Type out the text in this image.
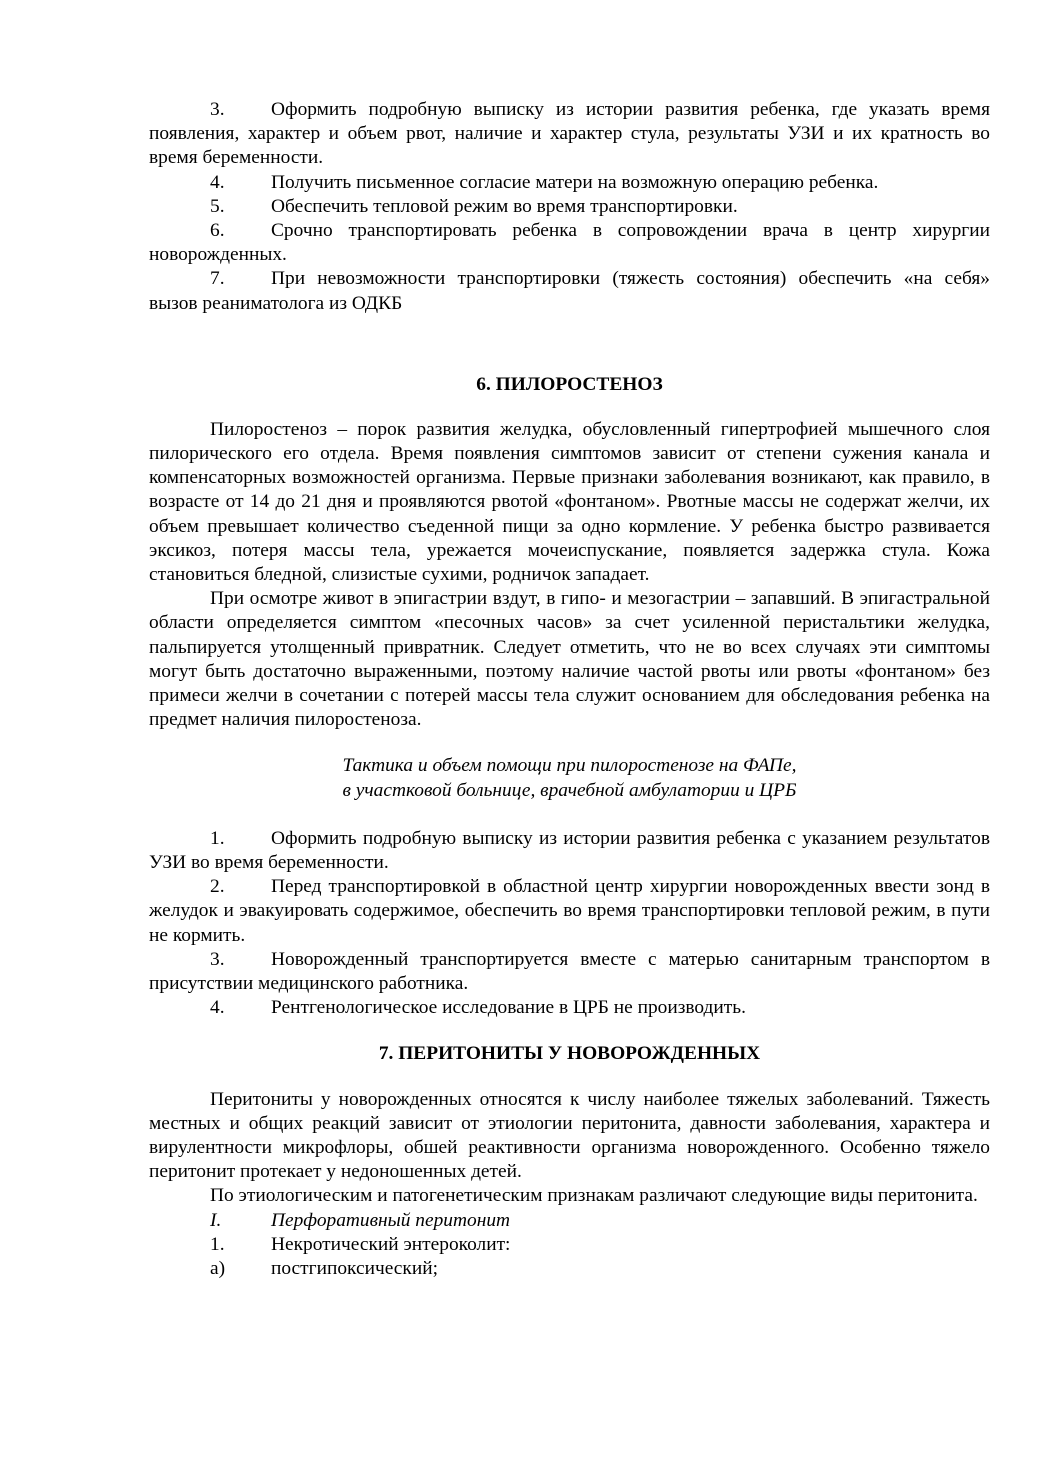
3. Оформить подробную выписку из истории развития ребенка, где указать время появления, характер и объем рвот, наличие и характер стула, результаты УЗИ и их кратность во время беременности.

4. Получить письменное согласие матери на возможную операцию ребенка.

5. Обеспечить тепловой режим во время транспортировки.

6. Срочно транспортировать ребенка в сопровождении врача в центр хирургии новорожденных.

7. При невозможности транспортировки (тяжесть состояния) обеспечить «на себя» вызов реаниматолога из ОДКБ

6. ПИЛОРОСТЕНОЗ

Пилоростеноз – порок развития желудка, обусловленный гипертрофией мышечного слоя пилорического его отдела. Время появления симптомов зависит от степени сужения канала и компенсаторных возможностей организма. Первые признаки заболевания возникают, как правило, в возрасте от 14 до 21 дня и проявляются рвотой «фонтаном». Рвотные массы не содержат желчи, их объем превышает количество съеденной пищи за одно кормление. У ребенка быстро развивается эксикоз, потеря массы тела, урежается мочеиспускание, появляется задержка стула. Кожа становиться бледной, слизистые сухими, родничок западает.

При осмотре живот в эпигастрии вздут, в гипо- и мезогастрии – запавший. В эпигастральной области определяется симптом «песочных часов» за счет усиленной перистальтики желудка, пальпируется утолщенный привратник. Следует отметить, что не во всех случаях эти симптомы могут быть достаточно выраженными, поэтому наличие частой рвоты или рвоты «фонтаном» без примеси желчи в сочетании с потерей массы тела служит основанием для обследования ребенка на предмет наличия пилоростеноза.

Тактика и объем помощи при пилоростенозе на ФАПе,

в участковой больнице, врачебной амбулатории и ЦРБ

1. Оформить подробную выписку из истории развития ребенка с указанием результатов УЗИ во время беременности.

2. Перед транспортировкой в областной центр хирургии новорожденных ввести зонд в желудок и эвакуировать содержимое, обеспечить во время транспортировки тепловой режим, в пути не кормить.

3. Новорожденный транспортируется вместе с матерью санитарным транспортом в присутствии медицинского работника.

4. Рентгенологическое исследование в ЦРБ не производить.

7. ПЕРИТОНИТЫ У НОВОРОЖДЕННЫХ

Перитониты у новорожденных относятся к числу наиболее тяжелых заболеваний. Тяжесть местных и общих реакций зависит от этиологии перитонита, давности заболевания, характера и вирулентности микрофлоры, обшей реактивности организма новорожденного. Особенно тяжело перитонит протекает у недоношенных детей.

По этиологическим и патогенетическим признакам различают следующие виды перитонита.

I.	Перфоративный перитонит

1. Некротический энтероколит:

а) постгипоксический;
